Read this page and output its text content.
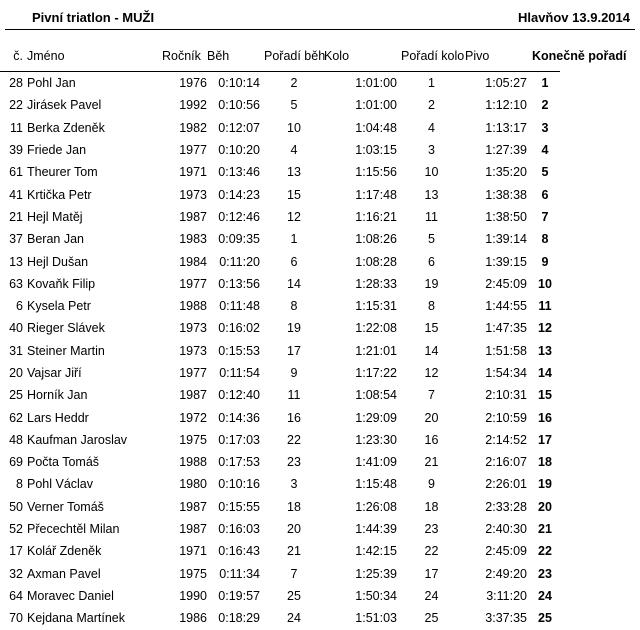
Pivní triatlon - MUŽI	Hlavňov 13.9.2014
č.	Jméno	Ročník	Běh	Pořadí běh	Kolo	Pořadí kolo	Pivo	Konečně pořadí
28	Pohl Jan	1976	0:10:14	2	1:01:00	1	1:05:27	1
22	Jirásek Pavel	1992	0:10:56	5	1:01:00	2	1:12:10	2
11	Berka Zdeněk	1982	0:12:07	10	1:04:48	4	1:13:17	3
39	Friede Jan	1977	0:10:20	4	1:03:15	3	1:27:39	4
61	Theurer Tom	1971	0:13:46	13	1:15:56	10	1:35:20	5
41	Krtička Petr	1973	0:14:23	15	1:17:48	13	1:38:38	6
21	Hejl Matěj	1987	0:12:46	12	1:16:21	11	1:38:50	7
37	Beran Jan	1983	0:09:35	1	1:08:26	5	1:39:14	8
13	Hejl Dušan	1984	0:11:20	6	1:08:28	6	1:39:15	9
63	Kovaňk Filip	1977	0:13:56	14	1:28:33	19	2:45:09	10
6	Kysela Petr	1988	0:11:48	8	1:15:31	8	1:44:55	11
40	Rieger Slávek	1973	0:16:02	19	1:22:08	15	1:47:35	12
31	Steiner Martin	1973	0:15:53	17	1:21:01	14	1:51:58	13
20	Vajsar Jiří	1977	0:11:54	9	1:17:22	12	1:54:34	14
25	Horník Jan	1987	0:12:40	11	1:08:54	7	2:10:31	15
62	Lars Heddr	1972	0:14:36	16	1:29:09	20	2:10:59	16
48	Kaufman Jaroslav	1975	0:17:03	22	1:23:30	16	2:14:52	17
69	Počta Tomáš	1988	0:17:53	23	1:41:09	21	2:16:07	18
8	Pohl Václav	1980	0:10:16	3	1:15:48	9	2:26:01	19
50	Verner Tomáš	1987	0:15:55	18	1:26:08	18	2:33:28	20
52	Přecechtěl Milan	1987	0:16:03	20	1:44:39	23	2:40:30	21
17	Kolář Zdeněk	1971	0:16:43	21	1:42:15	22	2:45:09	22
32	Axman Pavel	1975	0:11:34	7	1:25:39	17	2:49:20	23
64	Moravec Daniel	1990	0:19:57	25	1:50:34	24	3:11:20	24
70	Kejdana Martínek	1986	0:18:29	24	1:51:03	25	3:37:35	25
